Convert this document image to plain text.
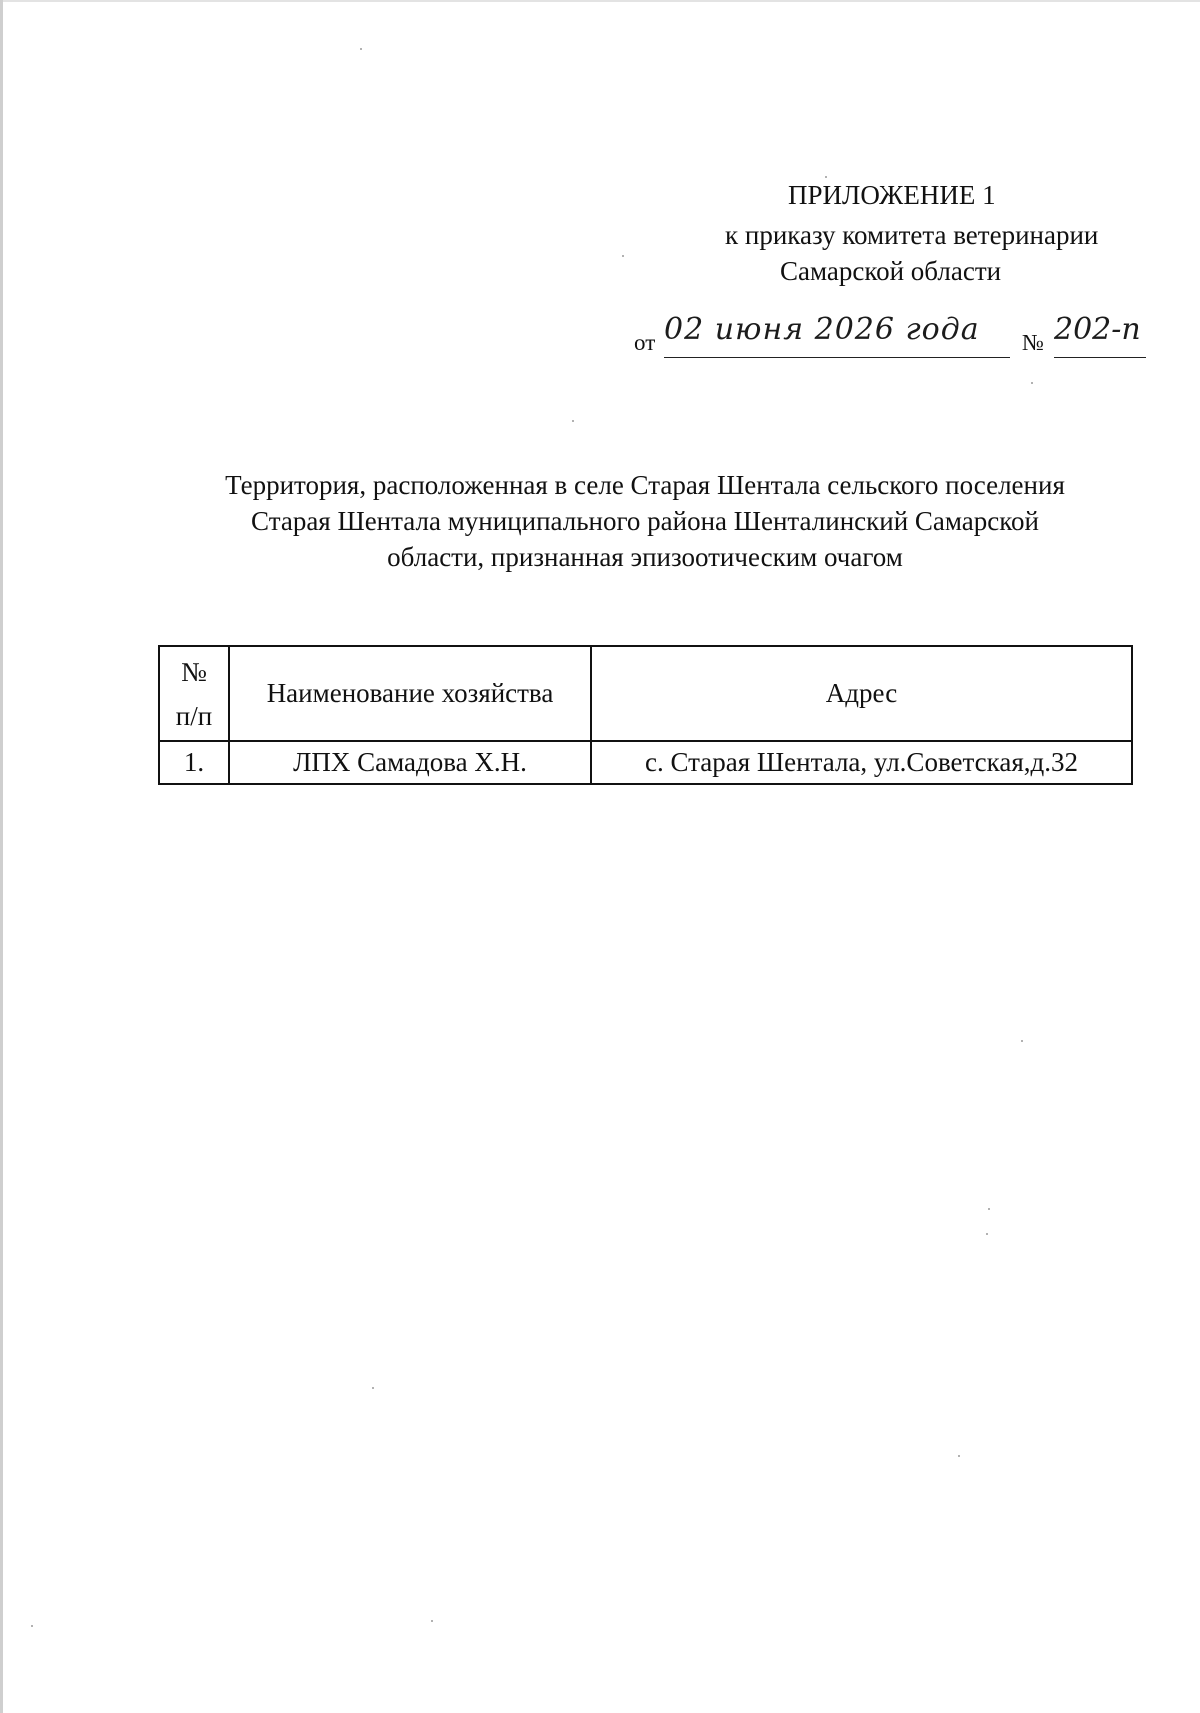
ПРИЛОЖЕНИЕ 1
к приказу комитета ветеринарии
Самарской области
от 02 июня 2026 года	№ 202-п
Территория, расположенная в селе Старая Шентала сельского поселения
Старая Шентала муниципального района Шенталинский Самарской
области, признанная эпизоотическим очагом
№
п/п	Наименование хозяйства	Адрес
1.	ЛПХ Самадова Х.Н.	с. Старая Шентала, ул.Советская,д.32
